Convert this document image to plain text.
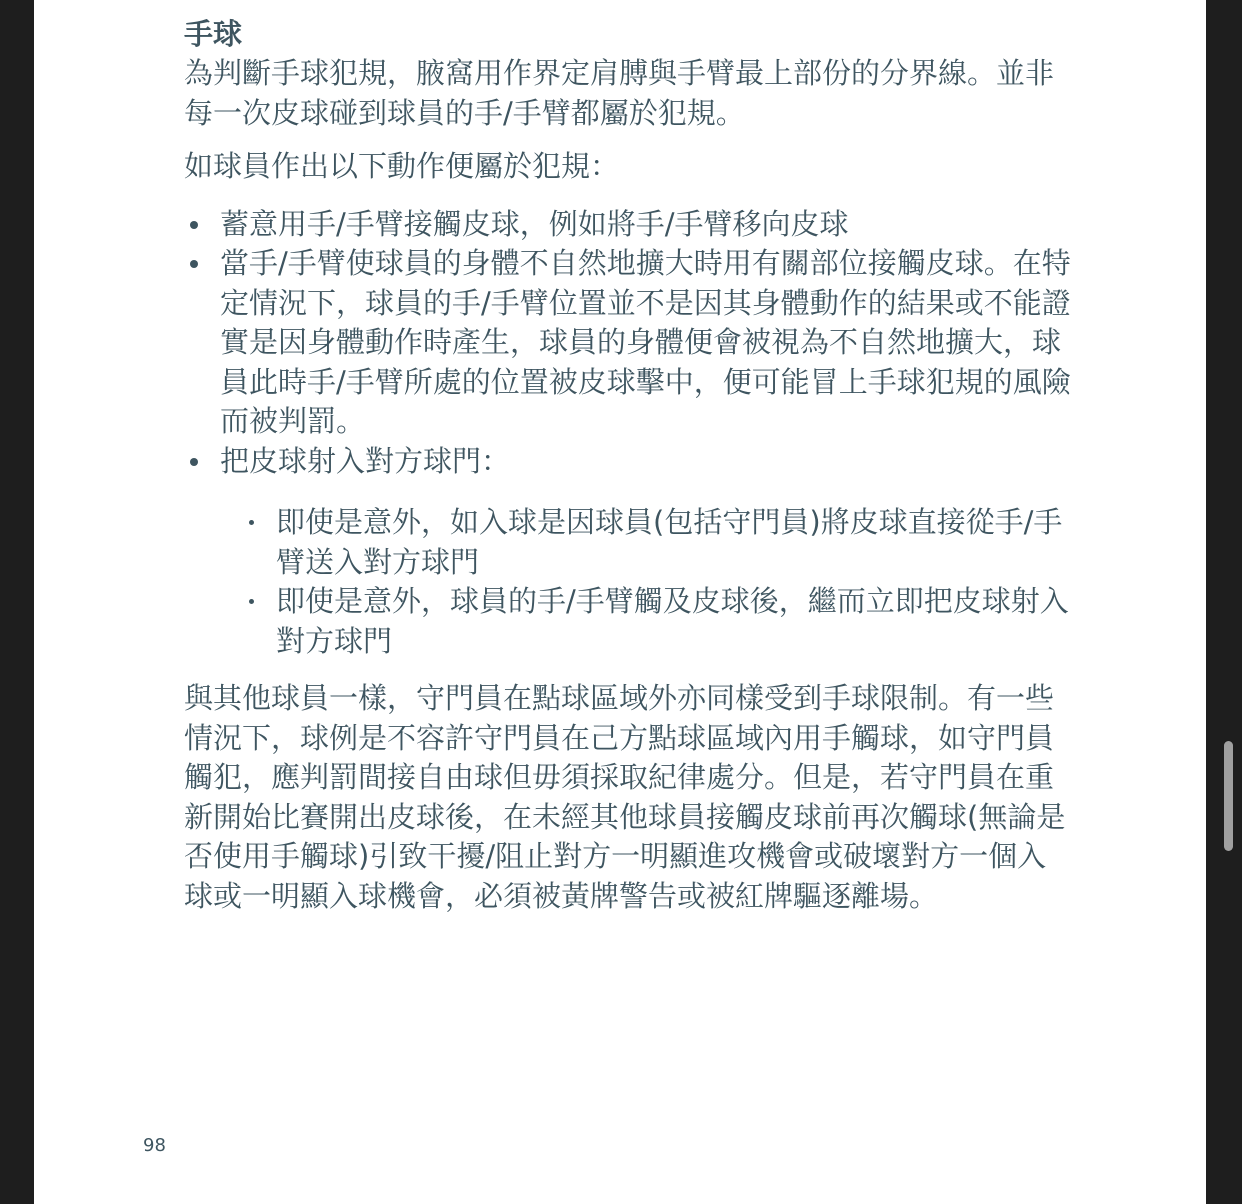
手球

為判斷手球犯規，腋窩用作界定肩膊與手臂最上部份的分界線。並非每一次皮球碰到球員的手/手臂都屬於犯規。

如球員作出以下動作便屬於犯規：

蓄意用手/手臂接觸皮球，例如將手/手臂移向皮球
當手/手臂使球員的身體不自然地擴大時用有關部位接觸皮球。在特定情況下，球員的手/手臂位置並不是因其身體動作的結果或不能證實是因身體動作時產生，球員的身體便會被視為不自然地擴大，球員此時手/手臂所處的位置被皮球擊中，便可能冒上手球犯規的風險而被判罰。
把皮球射入對方球門：
即使是意外，如入球是因球員(包括守門員)將皮球直接從手/手臂送入對方球門
即使是意外，球員的手/手臂觸及皮球後，繼而立即把皮球射入對方球門

與其他球員一樣，守門員在點球區域外亦同樣受到手球限制。有一些情況下，球例是不容許守門員在己方點球區域內用手觸球，如守門員觸犯，應判罰間接自由球但毋須採取紀律處分。但是，若守門員在重新開始比賽開出皮球後，在未經其他球員接觸皮球前再次觸球(無論是否使用手觸球)引致干擾/阻止對方一明顯進攻機會或破壞對方一個入球或一明顯入球機會，必須被黃牌警告或被紅牌驅逐離場。

98
